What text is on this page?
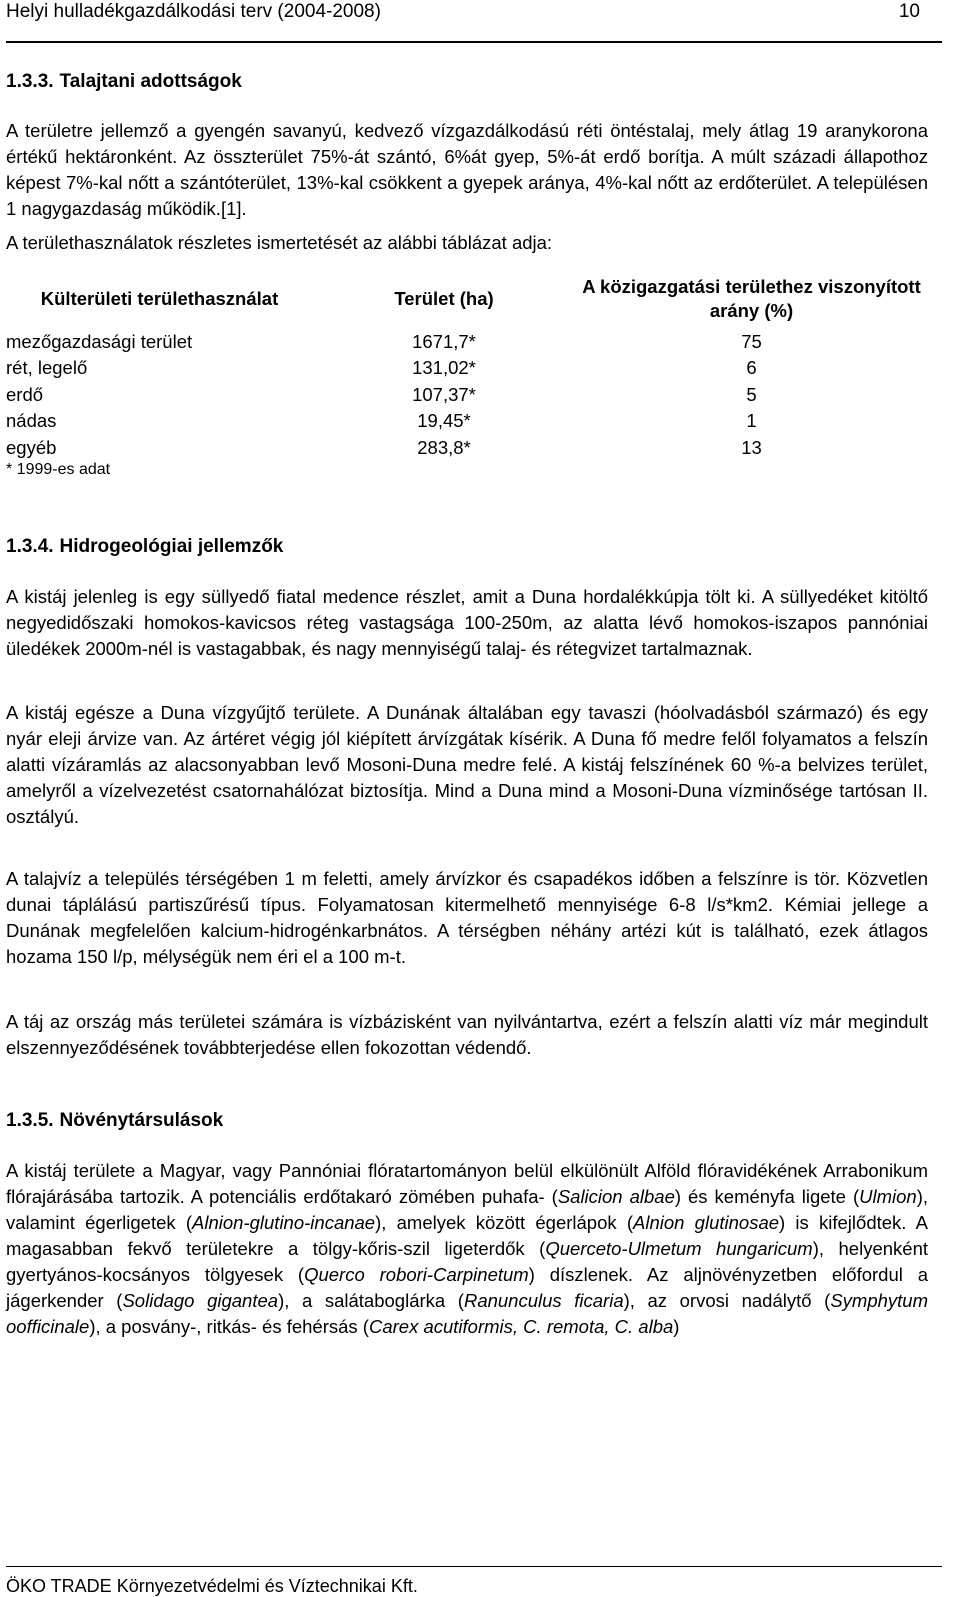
Helyi hulladékgazdálkodási terv (2004-2008)	10
1.3.3. Talajtani adottságok

A területre jellemző a gyengén savanyú, kedvező vízgazdálkodású réti öntéstalaj, mely átlag 19 aranykorona értékű hektáronként. Az összterület 75%-át szántó, 6%át gyep, 5%-át erdő borítja. A múlt századi állapothoz képest 7%-kal nőtt a szántóterület, 13%-kal csökkent a gyepek aránya, 4%-kal nőtt az erdőterület. A településen 1 nagygazdaság működik.[1].

A területhasználatok részletes ismertetését az alábbi táblázat adja:

Külterületi területhasználat	Terület (ha)	A közigazgatási területhez viszonyított arány (%)
mezőgazdasági terület	1671,7*	75
rét, legelő	131,02*	6
erdő	107,37*	5
nádas	19,45*	1
egyéb	283,8*	13
* 1999-es adat
1.3.4. Hidrogeológiai jellemzők

A kistáj jelenleg is egy süllyedő fiatal medence részlet, amit a Duna hordalékkúpja tölt ki. A süllyedéket kitöltő negyedidőszaki homokos-kavicsos réteg vastagsága 100-250m, az alatta lévő homokos-iszapos pannóniai üledékek 2000m-nél is vastagabbak, és nagy mennyiségű talaj- és rétegvizet tartalmaznak.

A kistáj egésze a Duna vízgyűjtő területe. A Dunának általában egy tavaszi (hóolvadásból származó) és egy nyár eleji árvize van. Az ártéret végig jól kiépített árvízgátak kísérik. A Duna fő medre felől folyamatos a felszín alatti vízáramlás az alacsonyabban levő Mosoni-Duna medre felé. A kistáj felszínének 60 %-a belvizes terület, amelyről a vízelvezetést csatornahálózat biztosítja. Mind a Duna mind a Mosoni-Duna vízminősége tartósan II. osztályú.

A talajvíz a település térségében 1 m feletti, amely árvízkor és csapadékos időben a felszínre is tör. Közvetlen dunai táplálású partiszűrésű típus. Folyamatosan kitermelhető mennyisége 6-8 l/s*km2. Kémiai jellege a Dunának megfelelően kalcium-hidrogénkarbnátos. A térségben néhány artézi kút is található, ezek átlagos hozama 150 l/p, mélységük nem éri el a 100 m-t.

A táj az ország más területei számára is vízbázisként van nyilvántartva, ezért a felszín alatti víz már megindult elszennyeződésének továbbterjedése ellen fokozottan védendő.

1.3.5. Növénytársulások

A kistáj területe a Magyar, vagy Pannóniai flóratartományon belül elkülönült Alföld flóravidékének Arrabonikum flórajárásába tartozik. A potenciális erdőtakaró zömében puhafa- (Salicion albae) és keményfa ligete (Ulmion), valamint égerligetek (Alnion-glutino-incanae), amelyek között égerlápok (Alnion glutinosae) is kifejlődtek. A magasabban fekvő területekre a tölgy-kőris-szil ligeterdők (Querceto-Ulmetum hungaricum), helyenként gyertyános-kocsányos tölgyesek (Querco robori-Carpinetum) díszlenek. Az aljnövényzetben előfordul a jágerkender (Solidago gigantea), a salátaboglárka (Ranunculus ficaria), az orvosi nadálytő (Symphytum oofficinale), a posvány-, ritkás- és fehérsás (Carex acutiformis, C. remota, C. alba)

ÖKO TRADE Környezetvédelmi és Víztechnikai Kft.
